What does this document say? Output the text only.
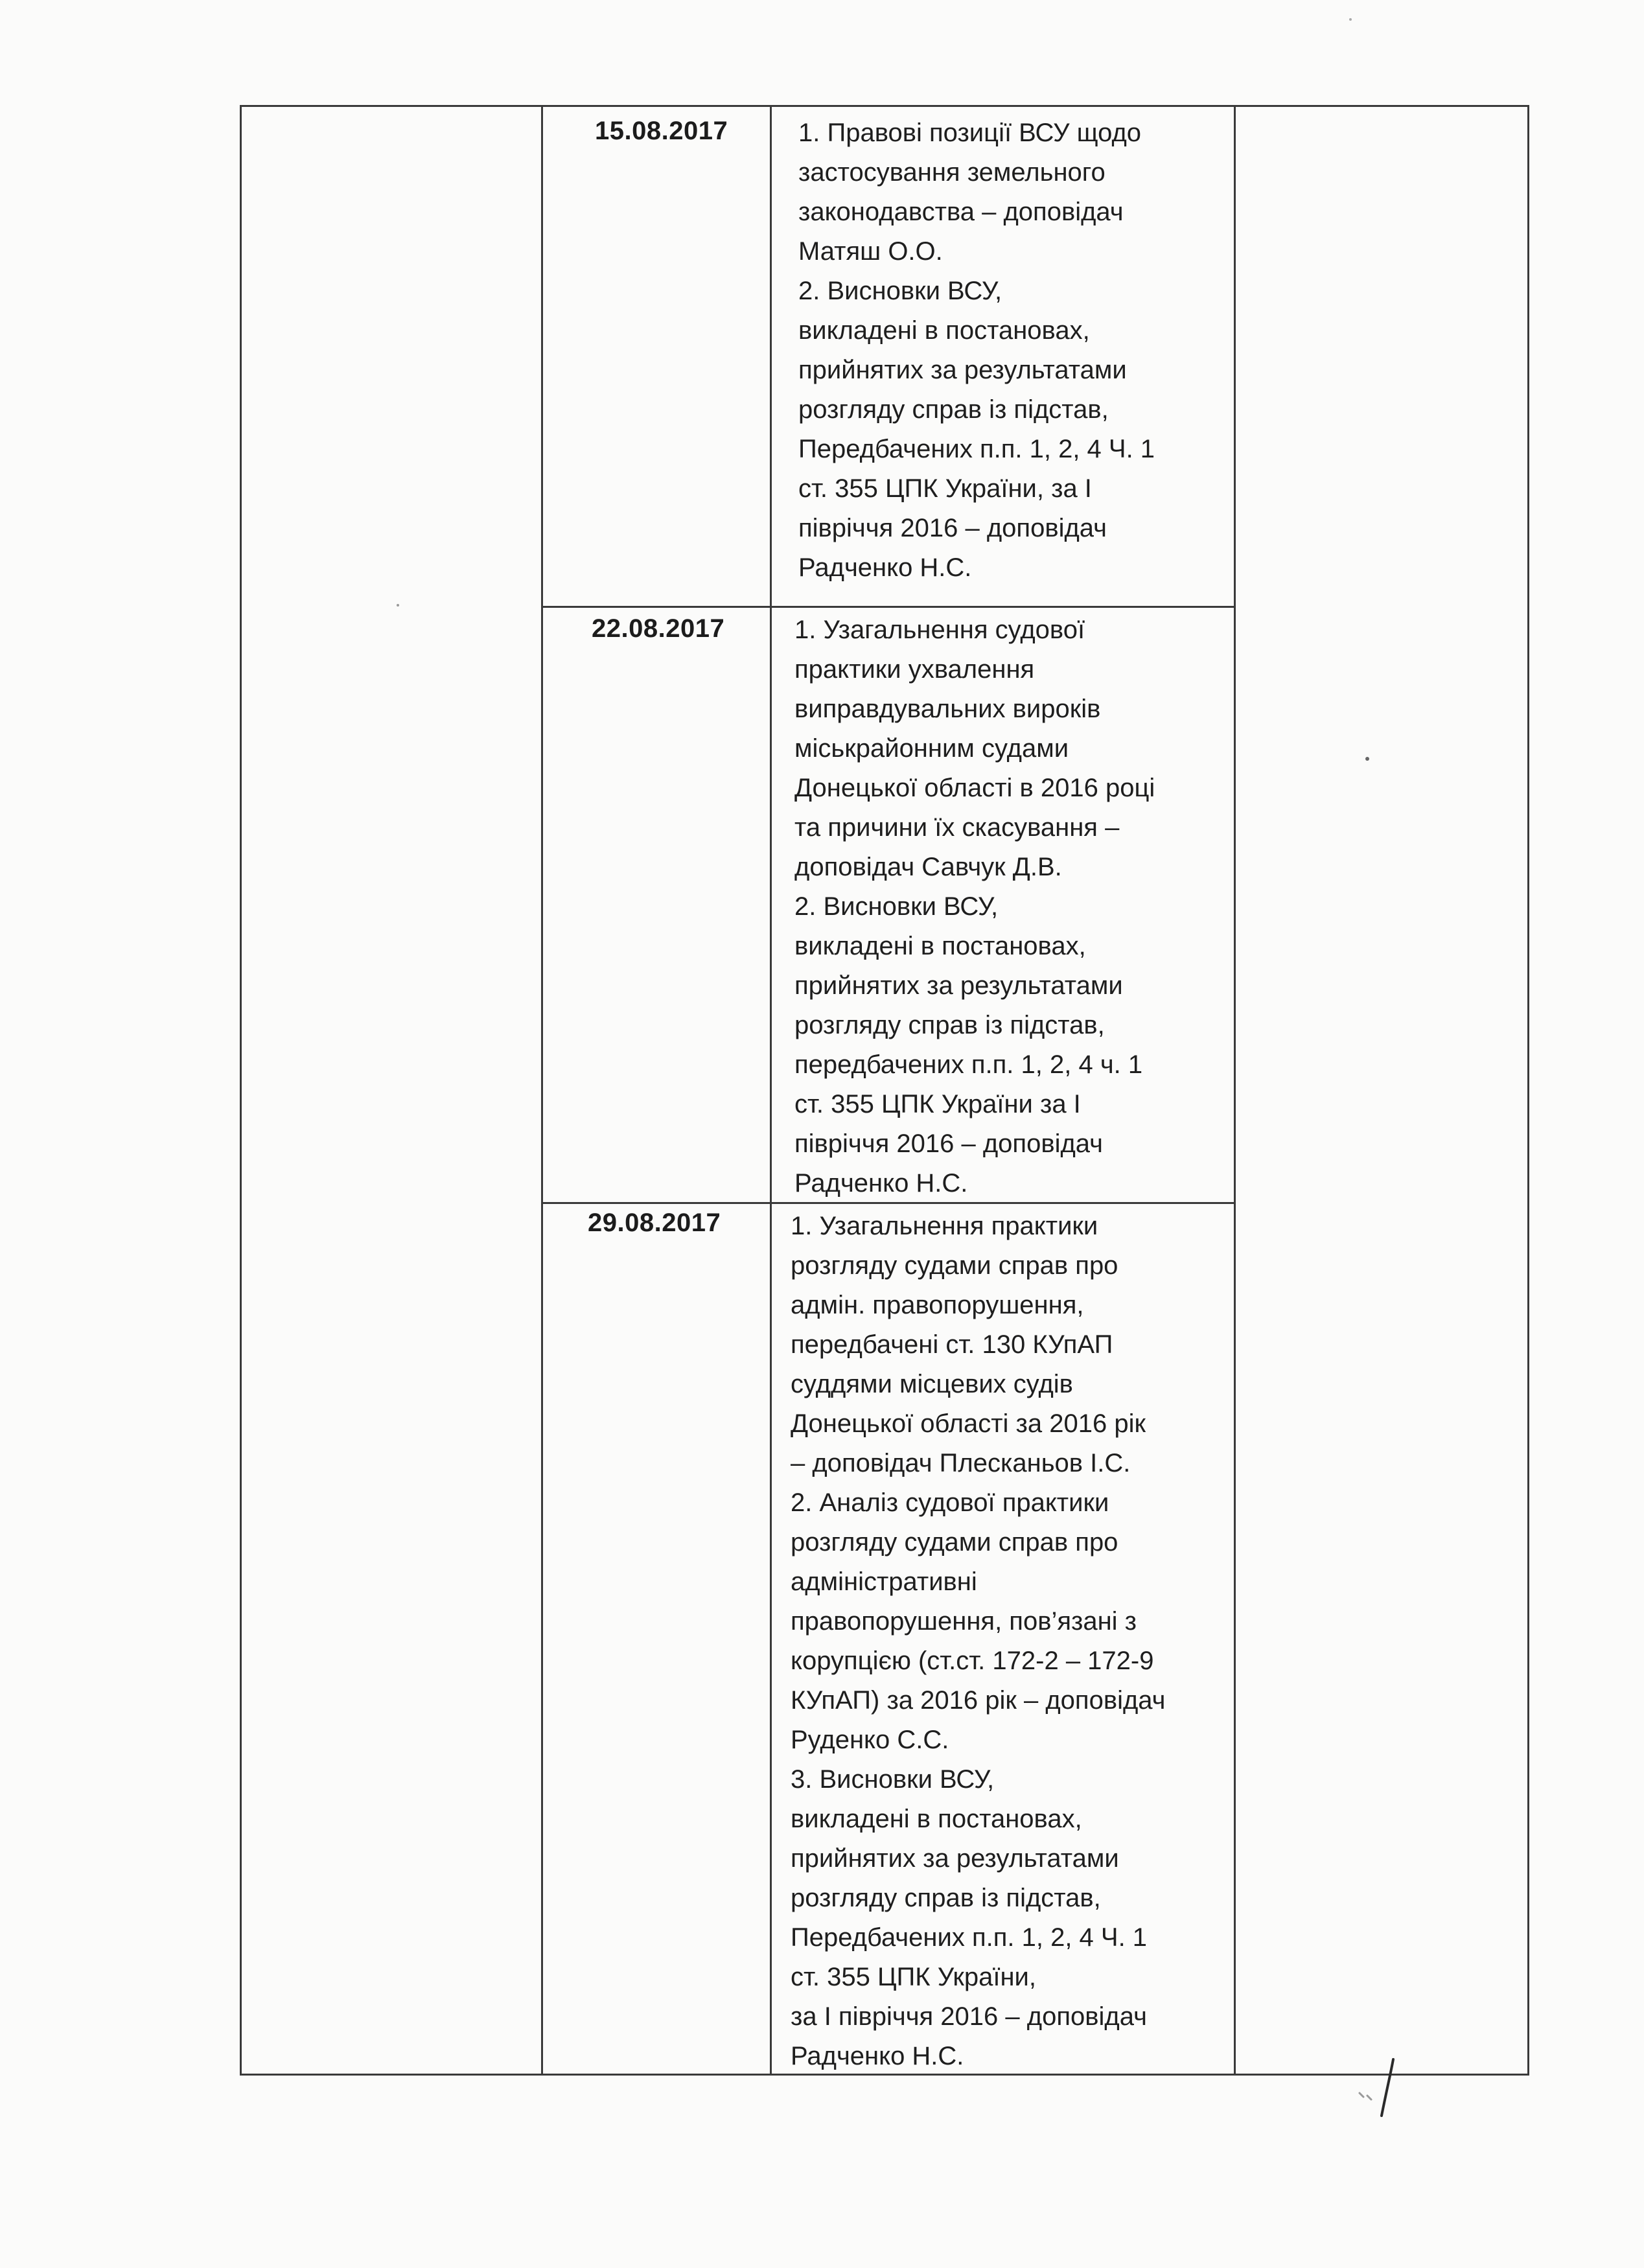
15.08.2017	1. Правові позиції ВСУ щодо
застосування земельного
законодавства – доповідач
Матяш О.О.
2. Висновки ВСУ,
викладені в постановах,
прийнятих за результатами
розгляду справ із підстав,
Передбачених п.п. 1, 2, 4 Ч. 1
ст. 355 ЦПК України, за І
півріччя 2016 – доповідач
Радченко Н.С.
22.08.2017	1. Узагальнення судової
практики ухвалення
виправдувальних вироків
міськрайонним судами
Донецької області в 2016 році
та причини їх скасування –
доповідач Савчук Д.В.
2. Висновки ВСУ,
викладені в постановах,
прийнятих за результатами
розгляду справ із підстав,
передбачених п.п. 1, 2, 4 ч. 1
ст. 355 ЦПК України за І
півріччя 2016 – доповідач
Радченко Н.С.
29.08.2017	1. Узагальнення практики
розгляду судами справ про
адмін. правопорушення,
передбачені ст. 130 КУпАП
суддями місцевих судів
Донецької області за 2016 рік
– доповідач Плесканьов І.С.
2. Аналіз судової практики
розгляду судами справ про
адміністративні
правопорушення, пов’язані з
корупцією (ст.ст. 172-2 – 172-9
КУпАП) за 2016 рік – доповідач
Руденко С.С.
3. Висновки ВСУ,
викладені в постановах,
прийнятих за результатами
розгляду справ із підстав,
Передбачених п.п. 1, 2, 4 Ч. 1
ст. 355 ЦПК України,
за І півріччя 2016 – доповідач
Радченко Н.С.
